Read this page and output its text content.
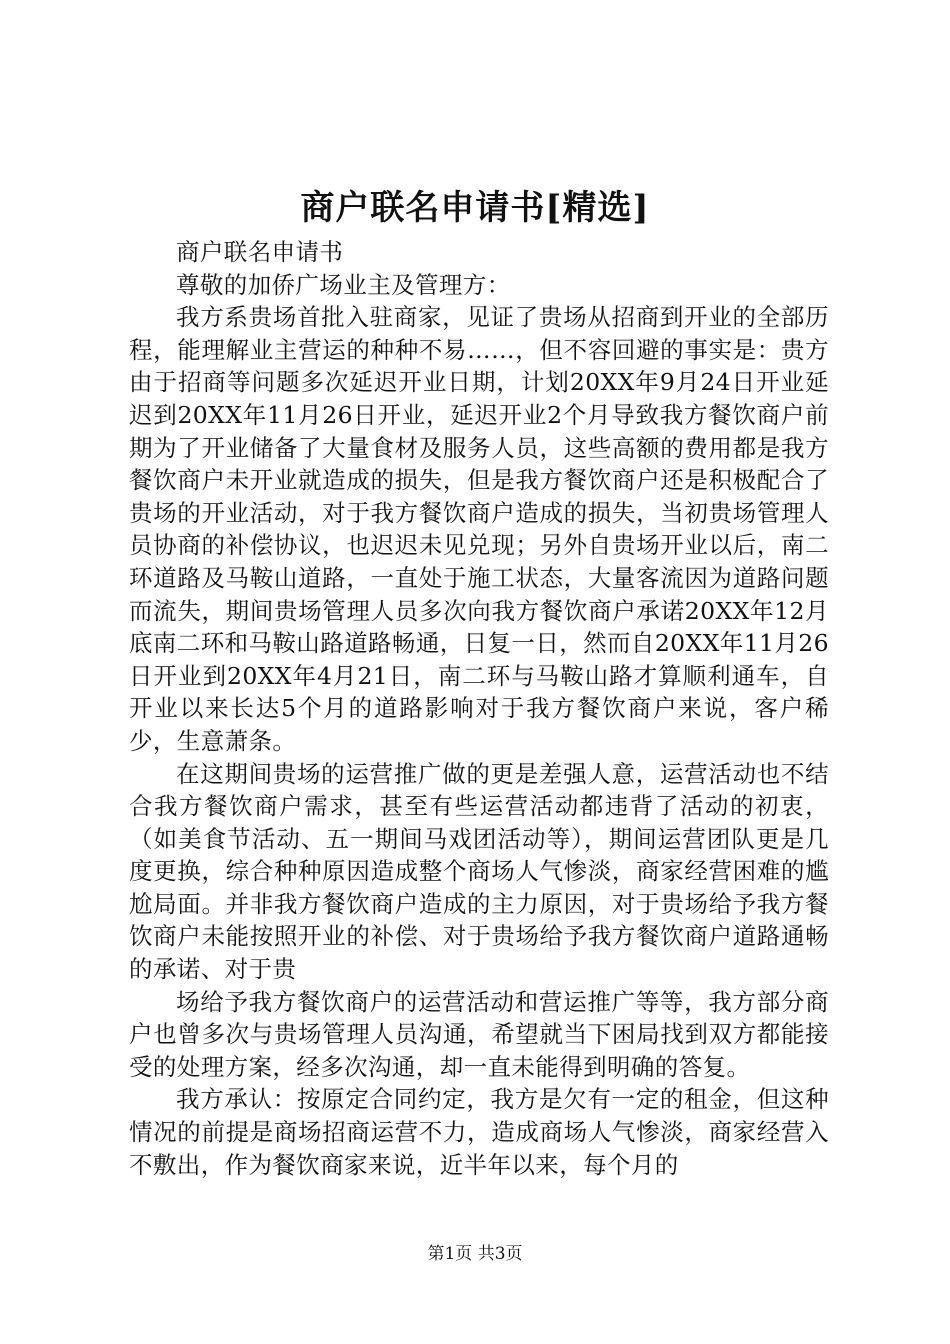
商户联名申请书[精选]

商户联名申请书

尊敬的加侨广场业主及管理方：

我方系贵场首批入驻商家，见证了贵场从招商到开业的全部历程，能理解业主营运的种种不易……，但不容回避的事实是：贵方由于招商等问题多次延迟开业日期，计划20XX年9月24日开业延迟到20XX年11月26日开业，延迟开业2个月导致我方餐饮商户前期为了开业储备了大量食材及服务人员，这些高额的费用都是我方餐饮商户未开业就造成的损失，但是我方餐饮商户还是积极配合了贵场的开业活动，对于我方餐饮商户造成的损失，当初贵场管理人员协商的补偿协议，也迟迟未见兑现；另外自贵场开业以后，南二环道路及马鞍山道路，一直处于施工状态，大量客流因为道路问题而流失，期间贵场管理人员多次向我方餐饮商户承诺20XX年12月底南二环和马鞍山路道路畅通，日复一日，然而自20XX年11月26日开业到20XX年4月21日，南二环与马鞍山路才算顺利通车，自开业以来长达5个月的道路影响对于我方餐饮商户来说，客户稀少，生意萧条。

在这期间贵场的运营推广做的更是差强人意，运营活动也不结合我方餐饮商户需求，甚至有些运营活动都违背了活动的初衷，（如美食节活动、五一期间马戏团活动等），期间运营团队更是几度更换，综合种种原因造成整个商场人气惨淡，商家经营困难的尴尬局面。并非我方餐饮商户造成的主力原因，对于贵场给予我方餐饮商户未能按照开业的补偿、对于贵场给予我方餐饮商户道路通畅的承诺、对于贵

场给予我方餐饮商户的运营活动和营运推广等等，我方部分商户也曾多次与贵场管理人员沟通，希望就当下困局找到双方都能接受的处理方案，经多次沟通，却一直未能得到明确的答复。

我方承认：按原定合同约定，我方是欠有一定的租金，但这种情况的前提是商场招商运营不力，造成商场人气惨淡，商家经营入不敷出，作为餐饮商家来说，近半年以来，每个月的

第1页 共3页
